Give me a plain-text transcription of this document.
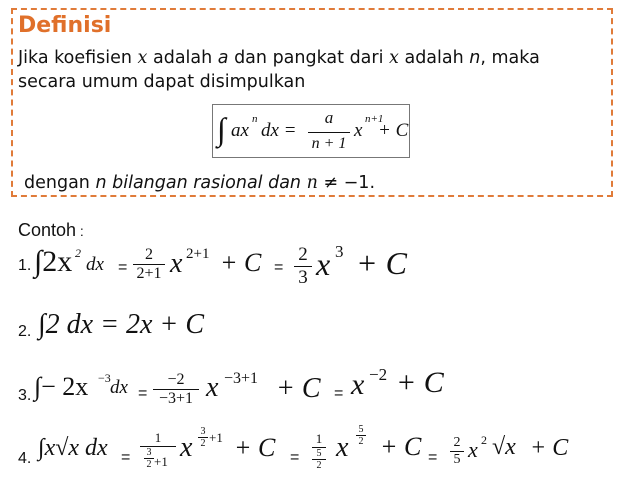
Definisi
Jika koefisien x adalah a dan pangkat dari x adalah n, maka
secara umum dapat disimpulkan
∫ ax
n
dx =
a
n + 1
x
n+1
+ C
dengan n bilangan rasional dan n ≠ −1.
Contoh :
1. ∫2x 2
dx =
2
2+1 x 2+1 + C =
2
3 x 3 + C
2. ∫2 dx = 2x + C
3. ∫− 2x −3 dx =
−2
−3+1 x −3+1 + C = x −2 + C
4. ∫x√x dx =
1
3
2 +1 x
3
2 +1 + C =
1
5
2
x
5
2 + C =
2
5 x 2 √x + C
